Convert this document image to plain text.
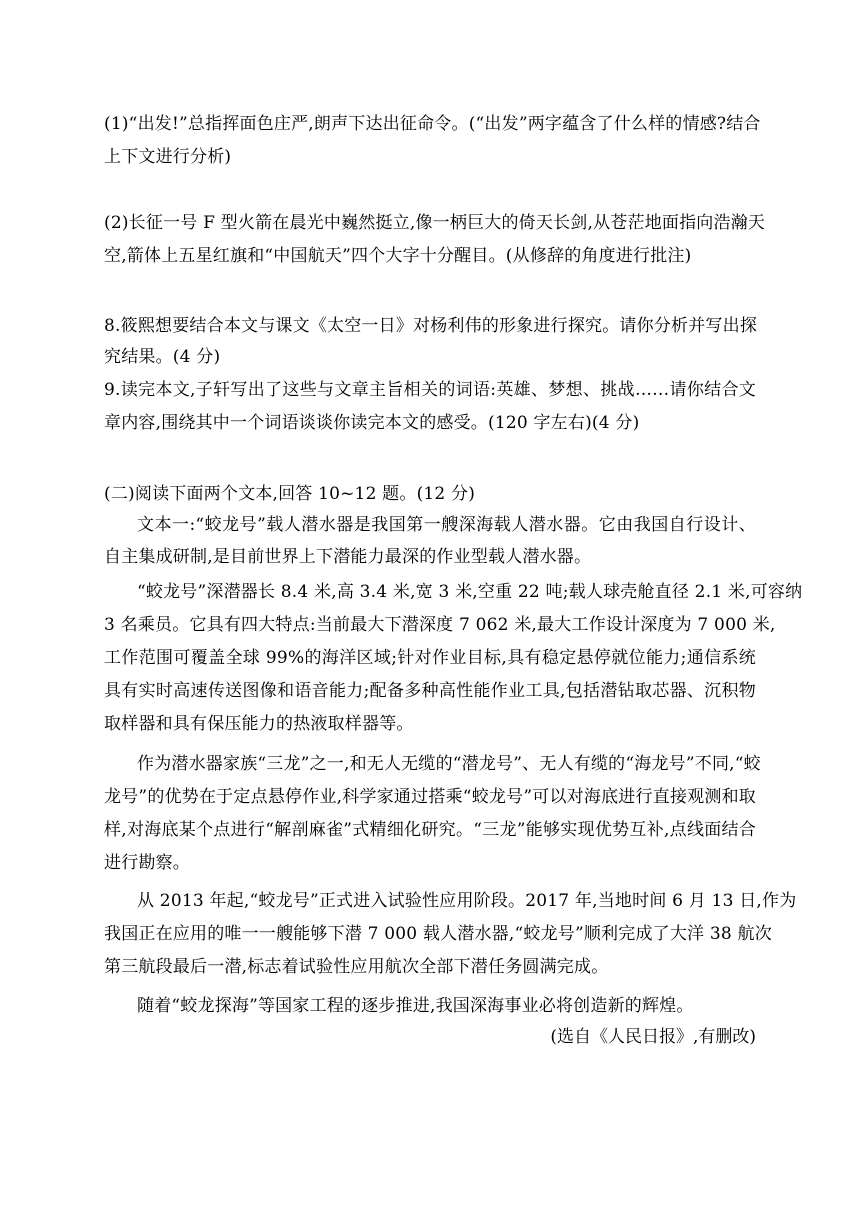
(1)“出发!”总指挥面色庄严,朗声下达出征命令。(“出发”两字蕴含了什么样的情感?结合
上下文进行分析)
(2)长征一号 F 型火箭在晨光中巍然挺立,像一柄巨大的倚天长剑,从苍茫地面指向浩瀚天
空,箭体上五星红旗和“中国航天”四个大字十分醒目。(从修辞的角度进行批注)
8.筱熙想要结合本文与课文《太空一日》对杨利伟的形象进行探究。请你分析并写出探
究结果。(4 分)
9.读完本文,子轩写出了这些与文章主旨相关的词语:英雄、梦想、挑战……请你结合文
章内容,围绕其中一个词语谈谈你读完本文的感受。(120 字左右)(4 分)
(二)阅读下面两个文本,回答 10~12 题。(12 分)
文本一:“蛟龙号”载人潜水器是我国第一艘深海载人潜水器。它由我国自行设计、
自主集成研制,是目前世界上下潜能力最深的作业型载人潜水器。
“蛟龙号”深潜器长 8.4 米,高 3.4 米,宽 3 米,空重 22 吨;载人球壳舱直径 2.1 米,可容纳
3 名乘员。它具有四大特点:当前最大下潜深度 7 062 米,最大工作设计深度为 7 000 米,
工作范围可覆盖全球 99%的海洋区域;针对作业目标,具有稳定悬停就位能力;通信系统
具有实时高速传送图像和语音能力;配备多种高性能作业工具,包括潜钻取芯器、沉积物
取样器和具有保压能力的热液取样器等。
作为潜水器家族“三龙”之一,和无人无缆的“潜龙号”、无人有缆的“海龙号”不同,“蛟
龙号”的优势在于定点悬停作业,科学家通过搭乘“蛟龙号”可以对海底进行直接观测和取
样,对海底某个点进行“解剖麻雀”式精细化研究。“三龙”能够实现优势互补,点线面结合
进行勘察。
从 2013 年起,“蛟龙号”正式进入试验性应用阶段。2017 年,当地时间 6 月 13 日,作为
我国正在应用的唯一一艘能够下潜 7 000 载人潜水器,“蛟龙号”顺利完成了大洋 38 航次
第三航段最后一潜,标志着试验性应用航次全部下潜任务圆满完成。
随着“蛟龙探海”等国家工程的逐步推进,我国深海事业必将创造新的辉煌。
(选自《人民日报》,有删改)
